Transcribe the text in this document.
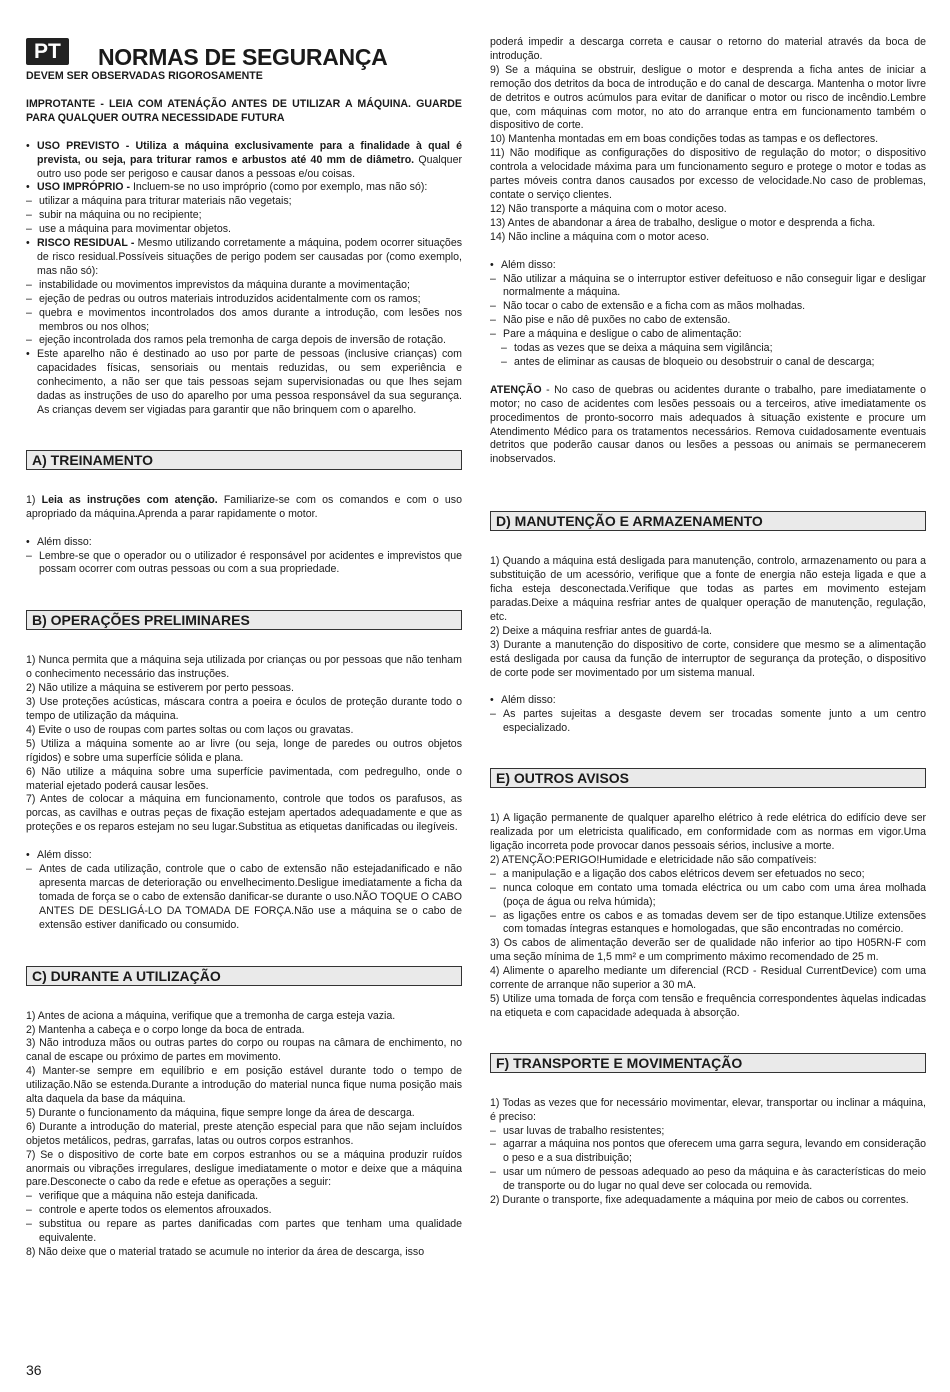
PT	NORMAS DE SEGURANÇA

DEVEM SER OBSERVADAS RIGOROSAMENTE

IMPROTANTE - LEIA COM ATENÁÇÃO ANTES DE UTILIZAR A MÁQUINA. GUARDE PARA QUALQUER OUTRA NECESSIDADE FUTURA

• USO PREVISTO - Utiliza a máquina exclusivamente para a finalidade à qual é prevista, ou seja, para triturar ramos e arbustos até 40 mm de diâmetro. Qualquer outro uso pode ser perigoso e causar danos a pessoas e/ou coisas.

• USO IMPRÓPRIO - Incluem-se no uso impróprio (como por exemplo, mas não só):

– utilizar a máquina para triturar materiais não vegetais;

– subir na máquina ou no recipiente;

– use a máquina para movimentar objetos.

• RISCO RESIDUAL - Mesmo utilizando corretamente a máquina, podem ocorrer situações de risco residual.Possíveis situações de perigo podem ser causadas por (como exemplo, mas não só):

– instabilidade ou movimentos imprevistos da máquina durante a movimentação;

– ejeção de pedras ou outros materiais introduzidos acidentalmente com os ramos;

– quebra e movimentos incontrolados dos amos durante a introdução, com lesões nos membros ou nos olhos;

– ejeção incontrolada dos ramos pela tremonha de carga depois de inversão de rotação.

• Este aparelho não é destinado ao uso por parte de pessoas (inclusive crianças) com capacidades físicas, sensoriais ou mentais reduzidas, ou sem experiência e conhecimento, a não ser que tais pessoas sejam supervisionadas ou que lhes sejam dadas as instruções de uso do aparelho por uma pessoa responsável da sua segurança. As crianças devem ser vigiadas para garantir que não brinquem com o aparelho.

A) TREINAMENTO

1) Leia as instruções com atenção. Familiarize-se com os comandos e com o uso apropriado da máquina.Aprenda a parar rapidamente o motor.

• Além disso:

– Lembre-se que o operador ou o utilizador é responsável por acidentes e imprevistos que possam ocorrer com outras pessoas ou com a sua propriedade.

B) OPERAÇÕES PRELIMINARES

1) Nunca permita que a máquina seja utilizada por crianças ou por pessoas que não tenham o conhecimento necessário das instruções.

2) Não utilize a máquina se estiverem por perto pessoas.

3) Use proteções acústicas, máscara contra a poeira e óculos de proteção durante todo o tempo de utilização da máquina.

4) Evite o uso de roupas com partes soltas ou com laços ou gravatas.

5) Utiliza a máquina somente ao ar livre (ou seja, longe de paredes ou outros objetos rígidos) e sobre uma superfície sólida e plana.

6) Não utilize a máquina sobre uma superfície pavimentada, com pedregulho, onde o material ejetado poderá causar lesões.

7) Antes de colocar a máquina em funcionamento, controle que todos os parafusos, as porcas, as cavilhas e outras peças de fixação estejam apertados adequadamente e que as proteções e os reparos estejam no seu lugar.Substitua as etiquetas danificadas ou ilegíveis.

• Além disso:

– Antes de cada utilização, controle que o cabo de extensão não estejadanificado e não apresenta marcas de deterioração ou envelhecimento.Desligue imediatamente a ficha da tomada de força se o cabo de extensão danificar-se durante o uso.NÃO TOQUE O CABO ANTES DE DESLIGÁ-LO DA TOMADA DE FORÇA.Não use a máquina se o cabo de extensão estiver danificado ou consumido.

C) DURANTE A UTILIZAÇÃO

1) Antes de aciona a máquina, verifique que a tremonha de carga esteja vazia.

2) Mantenha a cabeça e o corpo longe da boca de entrada.

3) Não introduza mãos ou outras partes do corpo ou roupas na câmara de enchimento, no canal de escape ou próximo de partes em movimento.

4) Manter-se sempre em equilíbrio e em posição estável durante todo o tempo de utilização.Não se estenda.Durante a introdução do material nunca fique numa posição mais alta daquela da base da máquina.

5) Durante o funcionamento da máquina, fique sempre longe da área de descarga.

6) Durante a introdução do material, preste atenção especial para que não sejam incluídos objetos metálicos, pedras, garrafas, latas ou outros corpos estranhos.

7) Se o dispositivo de corte bate em corpos estranhos ou se a máquina produzir ruídos anormais ou vibrações irregulares, desligue imediatamente o motor e deixe que a máquina pare.Desconecte o cabo da rede e efetue as operações a seguir:

– verifique que a máquina não esteja danificada.

– controle e aperte todos os elementos afrouxados.

– substitua ou repare as partes danificadas com partes que tenham uma qualidade equivalente.

8) Não deixe que o material tratado se acumule no interior da área de descarga, isso

poderá impedir a descarga correta e causar o retorno do material através da boca de introdução.

9) Se a máquina se obstruir, desligue o motor e desprenda a ficha antes de iniciar a remoção dos detritos da boca de introdução e do canal de descarga. Mantenha o motor livre de detritos e outros acúmulos para evitar de danificar o motor ou risco de incêndio.Lembre que, com máquinas com motor, no ato do arranque entra em funcionamento também o dispositivo de corte.

10) Mantenha montadas em em boas condições todas as tampas e os deflectores.

11) Não modifique as configurações do dispositivo de regulação do motor; o dispositivo controla a velocidade máxima para um funcionamento seguro e protege o motor e todas as partes móveis contra danos causados por excesso de velocidade.No caso de problemas, contate o serviço clientes.

12) Não transporte a máquina com o motor aceso.

13) Antes de abandonar a área de trabalho, desligue o motor e desprenda a ficha.

14) Não incline a máquina com o motor aceso.

• Além disso:

– Não utilizar a máquina se o interruptor estiver defeituoso e não conseguir ligar e desligar normalmente a máquina.

– Não tocar o cabo de extensão e a ficha com as mãos molhadas.

– Não pise e não dê puxões no cabo de extensão.

– Pare a máquina e desligue o cabo de alimentação:

– todas as vezes que se deixa a máquina sem vigilância;

– antes de eliminar as causas de bloqueio ou desobstruir o canal de descarga;

ATENÇÃO - No caso de quebras ou acidentes durante o trabalho, pare imediatamente o motor; no caso de acidentes com lesões pessoais ou a terceiros, ative imediatamente os procedimentos de pronto-socorro mais adequados à situação existente e procure um Atendimento Médico para os tratamentos necessários. Remova cuidadosamente eventuais detritos que poderão causar danos ou lesões a pessoas ou animais se permanecerem inobservados.

D) MANUTENÇÃO E ARMAZENAMENTO

1) Quando a máquina está desligada para manutenção, controlo, armazenamento ou para a substituição de um acessório, verifique que a fonte de energia não esteja ligada e que a ficha esteja desconectada.Verifique que todas as partes em movimento estejam paradas.Deixe a máquina resfriar antes de qualquer operação de manutenção, regulação, etc.

2) Deixe a máquina resfriar antes de guardá-la.

3) Durante a manutenção do dispositivo de corte, considere que mesmo se a alimentação está desligada por causa da função de interruptor de segurança da proteção, o dispositivo de corte pode ser movimentado por um sistema manual.

• Além disso:

– As partes sujeitas a desgaste devem ser trocadas somente junto a um centro especializado.

E) OUTROS AVISOS

1) A ligação permanente de qualquer aparelho elétrico à rede elétrica do edifício deve ser realizada por um eletricista qualificado, em conformidade com as normas em vigor.Uma ligação incorreta pode provocar danos pessoais sérios, inclusive a morte.

2) ATENÇÃO:PERIGO!Humidade e eletricidade não são compatíveis:

– a manipulação e a ligação dos cabos elétricos devem ser efetuados no seco;

– nunca coloque em contato uma tomada eléctrica ou um cabo com uma área molhada (poça de água ou relva húmida);

– as ligações entre os cabos e as tomadas devem ser de tipo estanque.Utilize extensões com tomadas íntegras estanques e homologadas, que são encontradas no comércio.

3) Os cabos de alimentação deverão ser de qualidade não inferior ao tipo H05RN-F com uma seção mínima de 1,5 mm² e um comprimento máximo recomendado de 25 m.

4) Alimente o aparelho mediante um diferencial (RCD - Residual CurrentDevice) com uma corrente de arranque não superior a 30 mA.

5) Utilize uma tomada de força com tensão e frequência correspondentes àquelas indicadas na etiqueta e com capacidade adequada à absorção.

F) TRANSPORTE E MOVIMENTAÇÃO

1) Todas as vezes que for necessário movimentar, elevar, transportar ou inclinar a máquina, é preciso:

– usar luvas de trabalho resistentes;

– agarrar a máquina nos pontos que oferecem uma garra segura, levando em consideração o peso e a sua distribuição;

– usar um número de pessoas adequado ao peso da máquina e às características do meio de transporte ou do lugar no qual deve ser colocada ou removida.

2) Durante o transporte, fixe adequadamente a máquina por meio de cabos ou correntes.

36
